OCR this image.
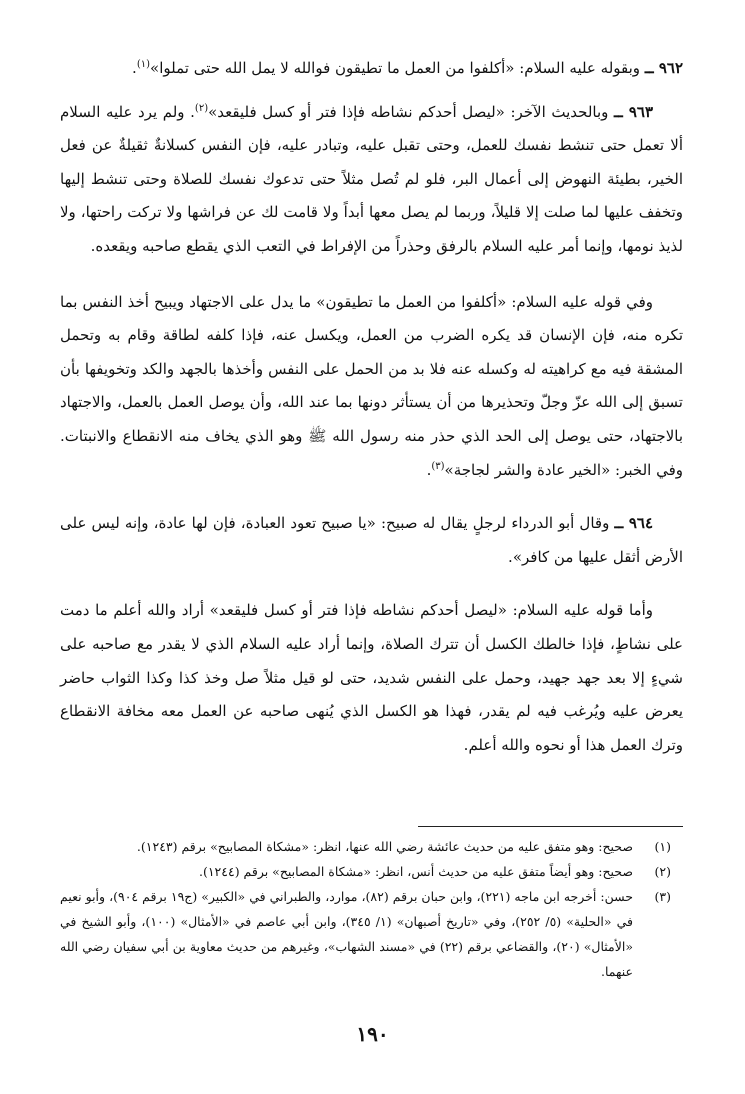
٩٦٢ ــ وبقوله عليه السلام: «أكلفوا من العمل ما تطيقون فوالله لا يمل الله حتى تملوا»$^{(١)}$.

٩٦٣ ــ وبالحديث الآخر: «ليصل أحدكم نشاطه فإذا فتر أو كسل فليقعد»$^{(٢)}$. ولم يرد عليه السلام ألا تعمل حتى تنشط نفسك للعمل، وحتى تقبل عليه، وتبادر عليه، فإن النفس كسلانةٌ ثقيلةٌ عن فعل الخير، بطيئة النهوض إلى أعمال البر، فلو لم تُصل مثلاً حتى تدعوك نفسك للصلاة وحتى تنشط إليها وتخفف عليها لما صلت إلا قليلاً، وربما لم يصل معها أبداً ولا قامت لك عن فراشها ولا تركت راحتها، ولا لذيذ نومها، وإنما أمر عليه السلام بالرفق وحذراً من الإفراط في التعب الذي يقطع صاحبه ويقعده.

وفي قوله عليه السلام: «أكلفوا من العمل ما تطيقون» ما يدل على الاجتهاد ويبيح أخذ النفس بما تكره منه، فإن الإنسان قد يكره الضرب من العمل، ويكسل عنه، فإذا كلفه لطاقة وقام به وتحمل المشقة فيه مع كراهيته له وكسله عنه فلا بد من الحمل على النفس وأخذها بالجهد والكد وتخويفها بأن تسبق إلى الله عزّ وجلّ وتحذيرها من أن يستأثر دونها بما عند الله، وأن يوصل العمل بالعمل، والاجتهاد بالاجتهاد، حتى يوصل إلى الحد الذي حذر منه رسول الله ﷺ وهو الذي يخاف منه الانقطاع والانبتات. وفي الخبر: «الخير عادة والشر لجاجة»$^{(٣)}$.

٩٦٤ ــ وقال أبو الدرداء لرجلٍ يقال له صبيح: «يا صبيح تعود العبادة، فإن لها عادة، وإنه ليس على الأرض أثقل عليها من كافر».

وأما قوله عليه السلام: «ليصل أحدكم نشاطه فإذا فتر أو كسل فليقعد» أراد والله أعلم ما دمت على نشاطٍ، فإذا خالطك الكسل أن تترك الصلاة، وإنما أراد عليه السلام الذي لا يقدر مع صاحبه على شيءٍ إلا بعد جهد جهيد، وحمل على النفس شديد، حتى لو قيل مثلاً صل وخذ كذا وكذا الثواب حاضر يعرض عليه ويُرغب فيه لم يقدر، فهذا هو الكسل الذي يُنهى صاحبه عن العمل معه مخافة الانقطاع وترك العمل هذا أو نحوه والله أعلم.

(١)
صحيح: وهو متفق عليه من حديث عائشة رضي الله عنها، انظر: «مشكاة المصابيح» برقم (١٢٤٣).
(٢)
صحيح: وهو أيضاً متفق عليه من حديث أنس، انظر: «مشكاة المصابيح» برقم (١٢٤٤).
(٣)
حسن: أخرجه ابن ماجه (٢٢١)، وابن حبان برقم (٨٢)، موارد، والطبراني في «الكبير» (ج١٩ برقم ٩٠٤)، وأبو نعيم في «الحلية» (٥/ ٢٥٢)، وفي «تاريخ أصبهان» (١/ ٣٤٥)، وابن أبي عاصم في «الأمثال» (١٠٠)، وأبو الشيخ في «الأمثال» (٢٠)، والقضاعي برقم (٢٢) في «مسند الشهاب»، وغيرهم من حديث معاوية بن أبي سفيان رضي الله عنهما.
١٩٠
